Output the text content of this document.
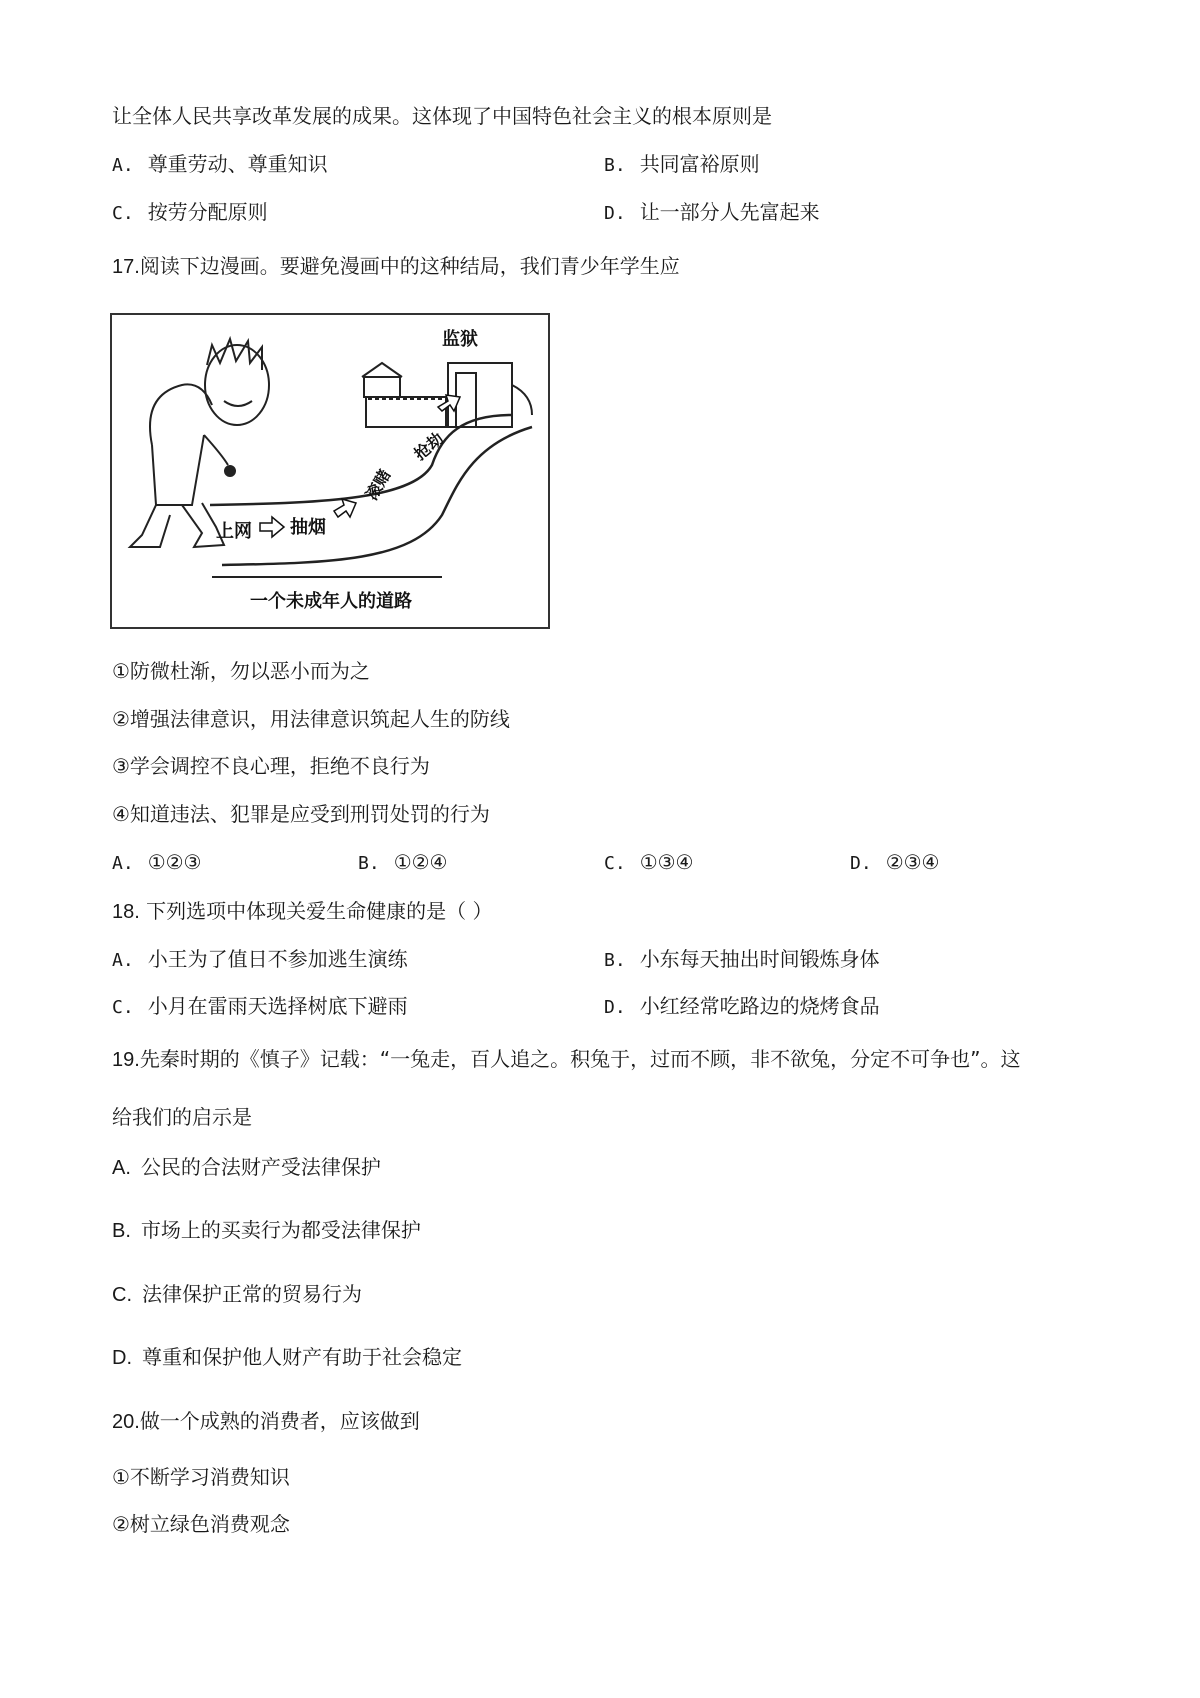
让全体人民共享改革发展的成果。这体现了中国特色社会主义的根本原则是
A. 尊重劳动、尊重知识	B. 共同富裕原则
C. 按劳分配原则	D. 让一部分人先富起来
17.阅读下边漫画。要避免漫画中的这种结局，我们青少年学生应
监狱
上网 抽烟
滚赌
抢劫
一个未成年人的道路
①防微杜渐，勿以恶小而为之
②增强法律意识，用法律意识筑起人生的防线
③学会调控不良心理，拒绝不良行为
④知道违法、犯罪是应受到刑罚处罚的行为
A. ①②③	B. ①②④	C. ①③④	D. ②③④
18. 下列选项中体现关爱生命健康的是（ ）
A. 小王为了值日不参加逃生演练	B. 小东每天抽出时间锻炼身体
C. 小月在雷雨天选择树底下避雨	D. 小红经常吃路边的烧烤食品
19.先秦时期的《慎子》记载：“一兔走，百人追之。积兔于，过而不顾，非不欲兔，分定不可争也”。这
给我们的启示是
A. 公民的合法财产受法律保护
B. 市场上的买卖行为都受法律保护
C. 法律保护正常的贸易行为
D. 尊重和保护他人财产有助于社会稳定
20.做一个成熟的消费者，应该做到
①不断学习消费知识
②树立绿色消费观念
